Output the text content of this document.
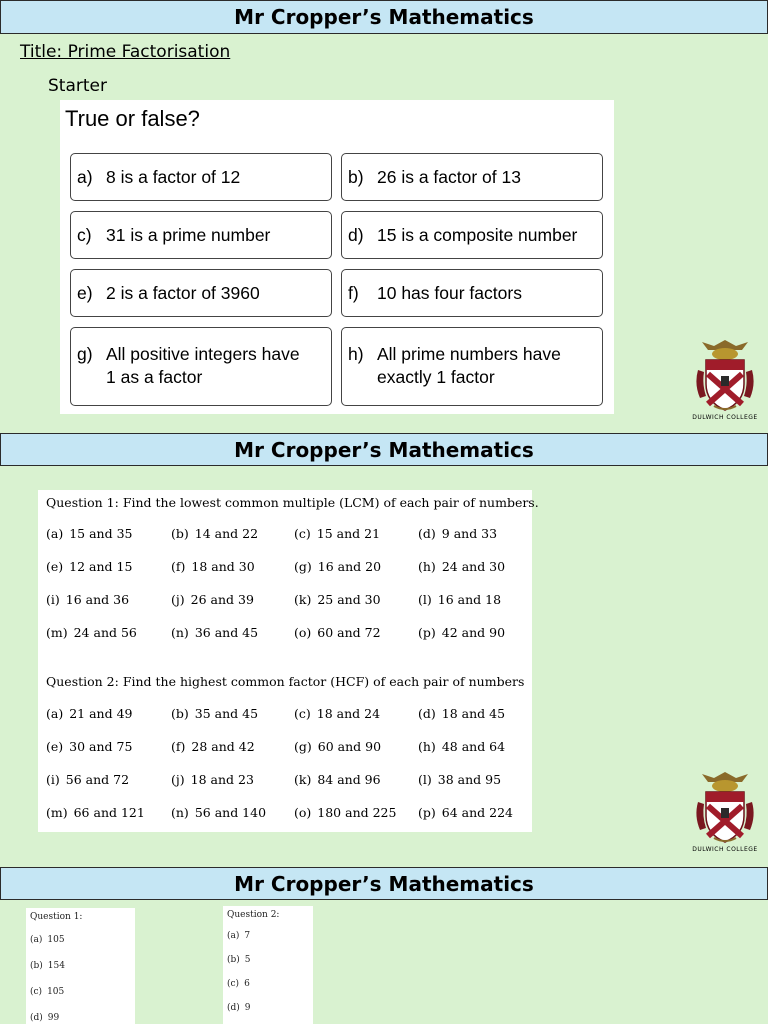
Mr Cropper’s Mathematics
Title: Prime Factorisation
Starter
True or false?
a) 8 is a factor of 12	b) 26 is a factor of 13
c) 31 is a prime number	d) 15 is a composite number
e) 2 is a factor of 3960	f)	10 has four factors
g) All positive integers have
1 as a factor
h) All prime numbers have
exactly 1 factor
DULWICH COLLEGE
Mr Cropper’s Mathematics
Question 1: Find the lowest common multiple (LCM) of each pair of numbers.
(a) 15 and 35	(b) 14 and 22	(c) 15 and 21	(d) 9 and 33
(e) 12 and 15	(f) 18 and 30	(g) 16 and 20	(h) 24 and 30
(i) 16 and 36	(j) 26 and 39	(k) 25 and 30	(l) 16 and 18
(m) 24 and 56	(n) 36 and 45	(o) 60 and 72	(p) 42 and 90
Question 2: Find the highest common factor (HCF) of each pair of numbers
(a) 21 and 49	(b) 35 and 45	(c) 18 and 24	(d) 18 and 45
(e) 30 and 75	(f) 28 and 42	(g) 60 and 90	(h) 48 and 64
(i) 56 and 72	(j) 18 and 23	(k) 84 and 96	(l) 38 and 95
(m) 66 and 121 (n) 56 and 140 (o) 180 and 225 (p) 64 and 224
DULWICH COLLEGE
Mr Cropper’s Mathematics
Question 1:
(a) 105
(b) 154
(c) 105
(d) 99
Question 2:
(a) 7
(b) 5
(c) 6
(d) 9
